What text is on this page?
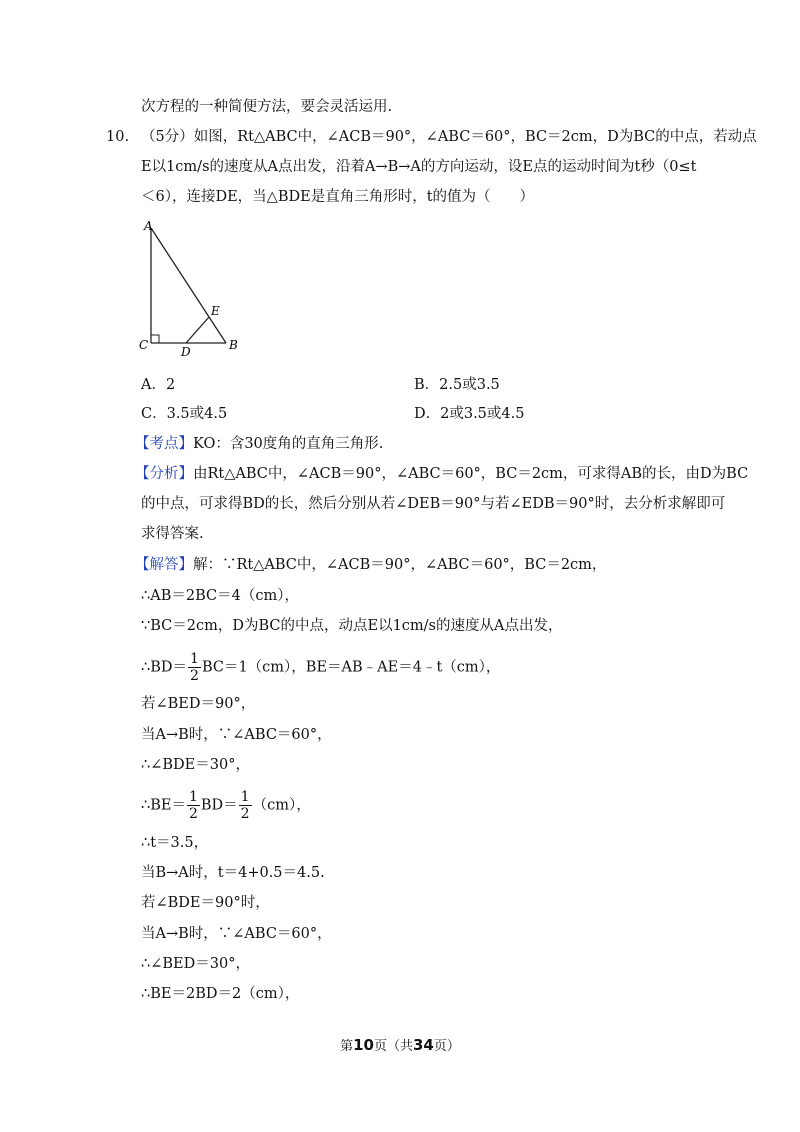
次方程的一种简便方法，要会灵活运用.
10. （5分）如图，Rt△ABC中，∠ACB＝90°，∠ABC＝60°，BC＝2cm，D为BC的中点，若动点
E以1cm/s的速度从A点出发，沿着A→B→A的方向运动，设E点的运动时间为t秒（0≤t
＜6），连接DE，当△BDE是直角三角形时，t的值为（　　）
A
C	D	B
E
A．2	B．2.5或3.5
C．3.5或4.5	D．2或3.5或4.5
【考点】KO：含30度角的直角三角形.
【分析】由Rt△ABC中，∠ACB＝90°，∠ABC＝60°，BC＝2cm，可求得AB的长，由D为BC
的中点，可求得BD的长，然后分别从若∠DEB＝90°与若∠EDB＝90°时，去分析求解即可
求得答案.
【解答】解：∵Rt△ABC中，∠ACB＝90°，∠ABC＝60°，BC＝2cm，
∴AB＝2BC＝4（cm），
∵BC＝2cm，D为BC的中点，动点E以1cm/s的速度从A点出发，
∴BD＝ $\frac{1}{2} BC=1(cm)$，BE＝AB﹣AE＝4﹣t（cm），
若∠BED＝90°，
当A→B时，∵∠ABC＝60°，
∴∠BDE＝30°，
∴BE＝ $\frac{1}{2} BD= \frac{1}{2} (cm)$，
∴t＝3.5，
当B→A时，t＝4+0.5＝4.5.
若∠BDE＝90°时，
当A→B时，∵∠ABC＝60°，
∴∠BED＝30°，
∴BE＝2BD＝2（cm），
第10页（共34页）
